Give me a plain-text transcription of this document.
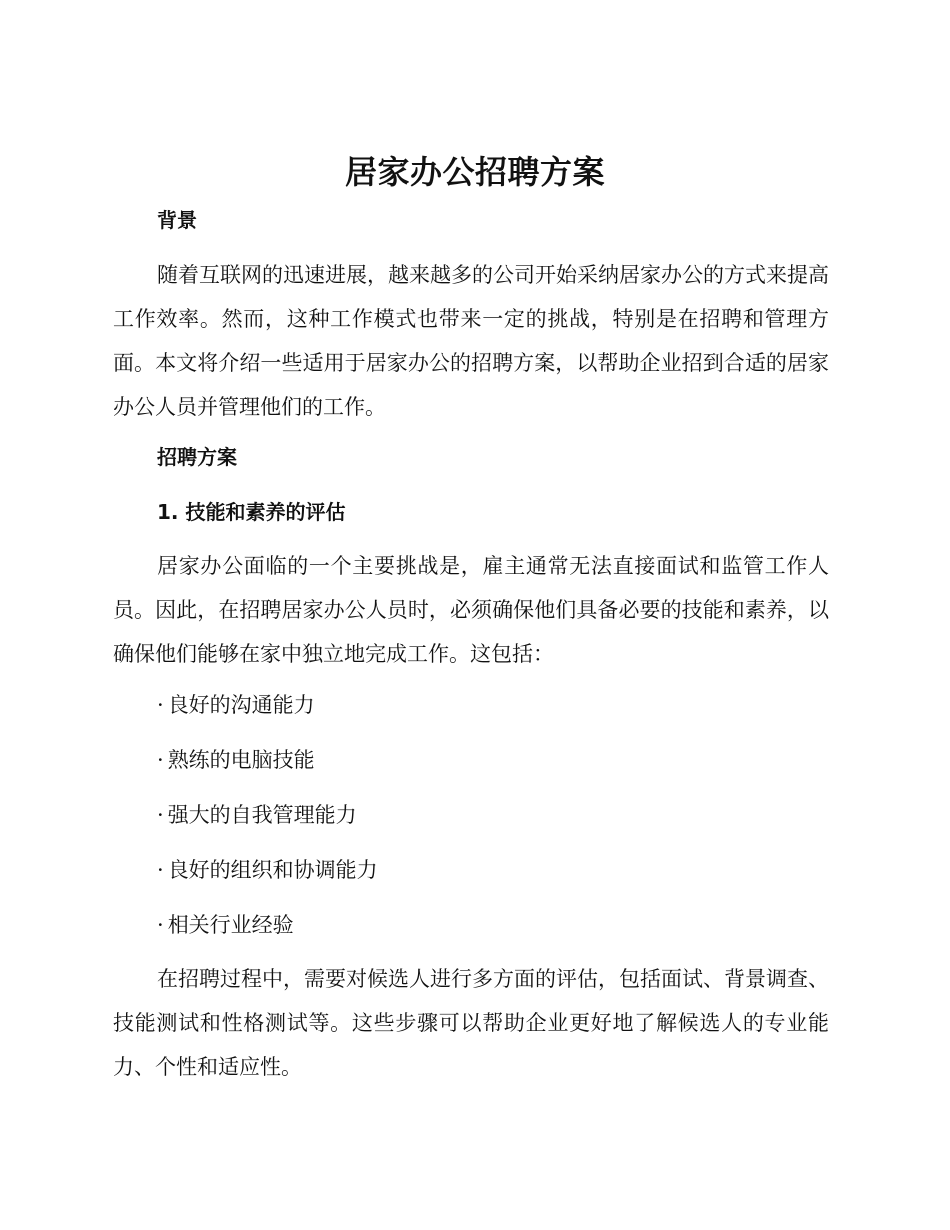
居家办公招聘方案
背景

随着互联网的迅速进展，越来越多的公司开始采纳居家办公的方式来提高工作效率。然而，这种工作模式也带来一定的挑战，特别是在招聘和管理方面。本文将介绍一些适用于居家办公的招聘方案，以帮助企业招到合适的居家办公人员并管理他们的工作。

招聘方案
1. 技能和素养的评估

居家办公面临的一个主要挑战是，雇主通常无法直接面试和监管工作人员。因此，在招聘居家办公人员时，必须确保他们具备必要的技能和素养，以确保他们能够在家中独立地完成工作。这包括：

· 良好的沟通能力
· 熟练的电脑技能
· 强大的自我管理能力
· 良好的组织和协调能力
· 相关行业经验

在招聘过程中，需要对候选人进行多方面的评估，包括面试、背景调查、技能测试和性格测试等。这些步骤可以帮助企业更好地了解候选人的专业能力、个性和适应性。
